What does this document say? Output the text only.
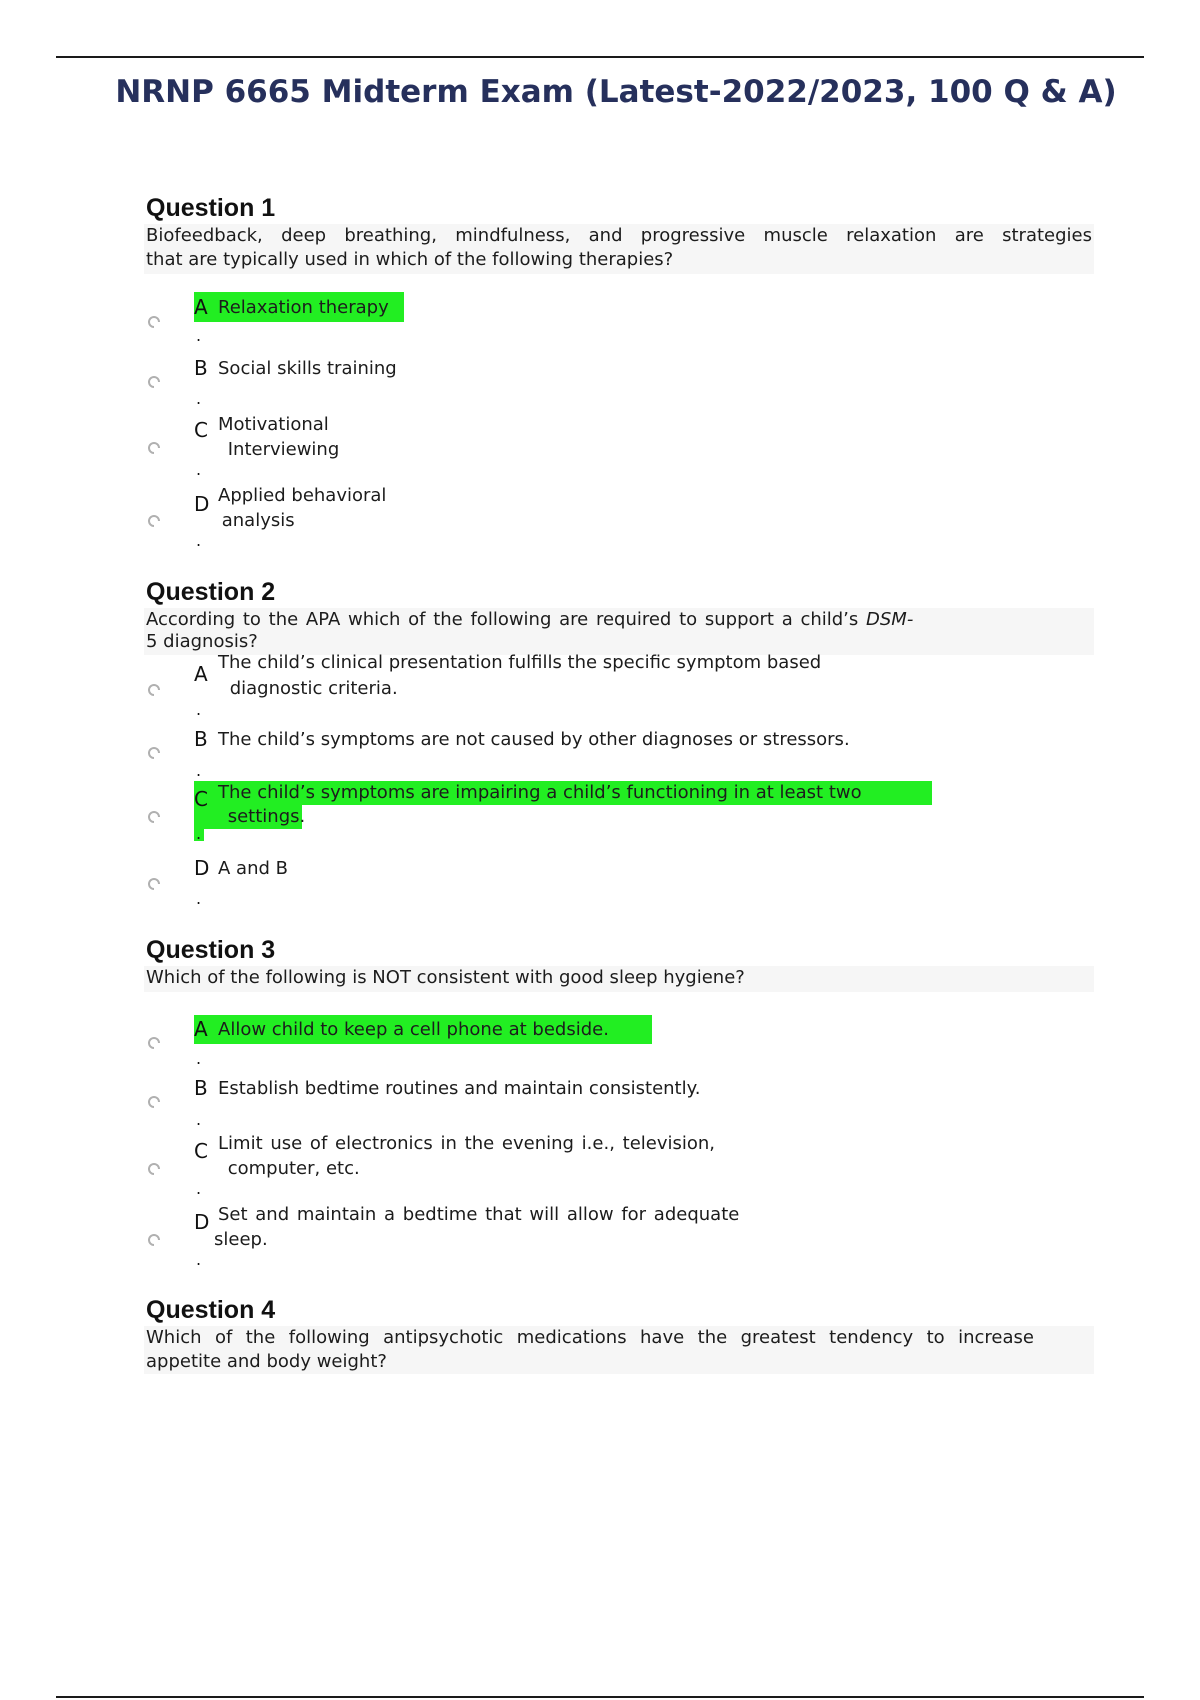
NRNP 6665 Midterm Exam (Latest-2022/2023, 100 Q & A)
Question 1
Biofeedback, deep breathing, mindfulness, and progressive muscle relaxation are strategies
that are typically used in which of the following therapies?
A Relaxation therapy
.
B Social skills training
.
C Motivational
Interviewing
.
D Applied behavioral
analysis
.
Question 2
According to the APA which of the following are required to support a child’s DSM-
5 diagnosis?
A The child’s clinical presentation fulfills the specific symptom based
diagnostic criteria.
.
B The child’s symptoms are not caused by other diagnoses or stressors.
.
C The child’s symptoms are impairing a child’s functioning in at least two
settings.
.
D A and B
.
Question 3
Which of the following is NOT consistent with good sleep hygiene?
A Allow child to keep a cell phone at bedside.
.
B Establish bedtime routines and maintain consistently.
.
C Limit use of electronics in the evening i.e., television,
computer, etc.
.
D Set and maintain a bedtime that will allow for adequate
sleep.
.
Question 4
Which of the following antipsychotic medications have the greatest tendency to increase
appetite and body weight?
